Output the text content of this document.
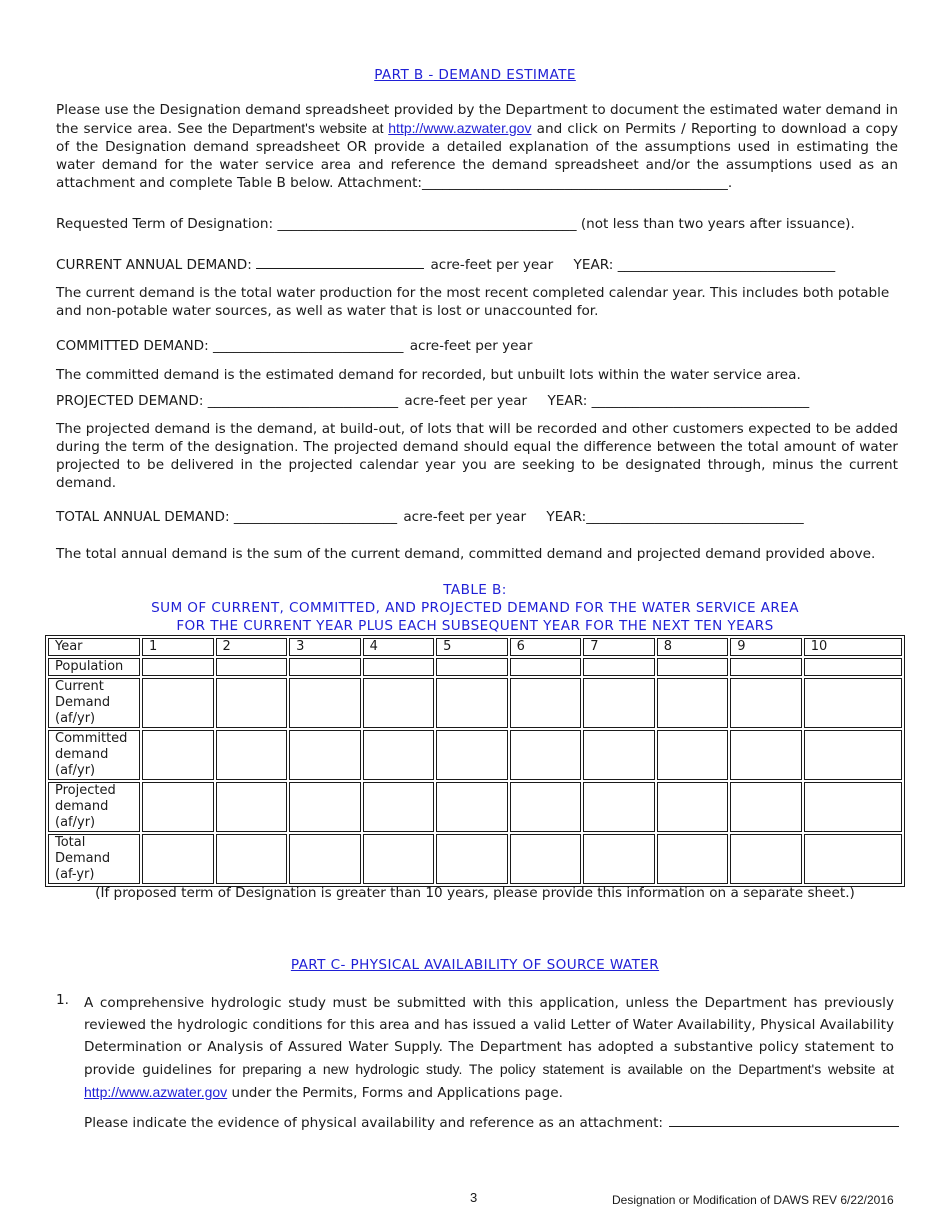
PART B - DEMAND ESTIMATE

Please use the Designation demand spreadsheet provided by the Department to document the estimated water demand in the service area. See the Department's website at http://www.azwater.gov and click on Permits / Reporting to download a copy of the Designation demand spreadsheet OR provide a detailed explanation of the assumptions used in estimating the water demand for the water service area and reference the demand spreadsheet and/or the assumptions used as an attachment and complete Table B below. Attachment:_____________________________________________.

Requested Term of Designation: ____________________________________________ (not less than two years after issuance).
CURRENT ANNUAL DEMAND:	acre-feet per year YEAR: ________________________________

The current demand is the total water production for the most recent completed calendar year. This includes both potable and non-potable water sources, as well as water that is lost or unaccounted for.

COMMITTED DEMAND: ____________________________ acre-feet per year

The committed demand is the estimated demand for recorded, but unbuilt lots within the water service area.

PROJECTED DEMAND: ____________________________ acre-feet per year YEAR: ________________________________

The projected demand is the demand, at build-out, of lots that will be recorded and other customers expected to be added during the term of the designation. The projected demand should equal the difference between the total amount of water projected to be delivered in the projected calendar year you are seeking to be designated through, minus the current demand.

TOTAL ANNUAL DEMAND: ________________________ acre-feet per year YEAR:________________________________

The total annual demand is the sum of the current demand, committed demand and projected demand provided above.

TABLE B:
SUM OF CURRENT, COMMITTED, AND PROJECTED DEMAND FOR THE WATER SERVICE AREA
FOR THE CURRENT YEAR PLUS EACH SUBSEQUENT YEAR FOR THE NEXT TEN YEARS
Year	1	2	3	4	5	6	7	8	9	10

Population										

Current
Demand
(af/yr)										

Committed
demand
(af/yr)										

Projected
demand
(af/yr)										

Total
Demand
(af-yr)										

(If proposed term of Designation is greater than 10 years, please provide this information on a separate sheet.)
PART C- PHYSICAL AVAILABILITY OF SOURCE WATER
1. A comprehensive hydrologic study must be submitted with this application, unless the Department has previously reviewed the hydrologic conditions for this area and has issued a valid Letter of Water Availability, Physical Availability Determination or Analysis of Assured Water Supply. The Department has adopted a substantive policy statement to provide guidelines for preparing a new hydrologic study. The policy statement is available on the Department's website at http://www.azwater.gov under the Permits, Forms and Applications page.

Please indicate the evidence of physical availability and reference as an attachment:
3	Designation or Modification of DAWS REV 6/22/2016
